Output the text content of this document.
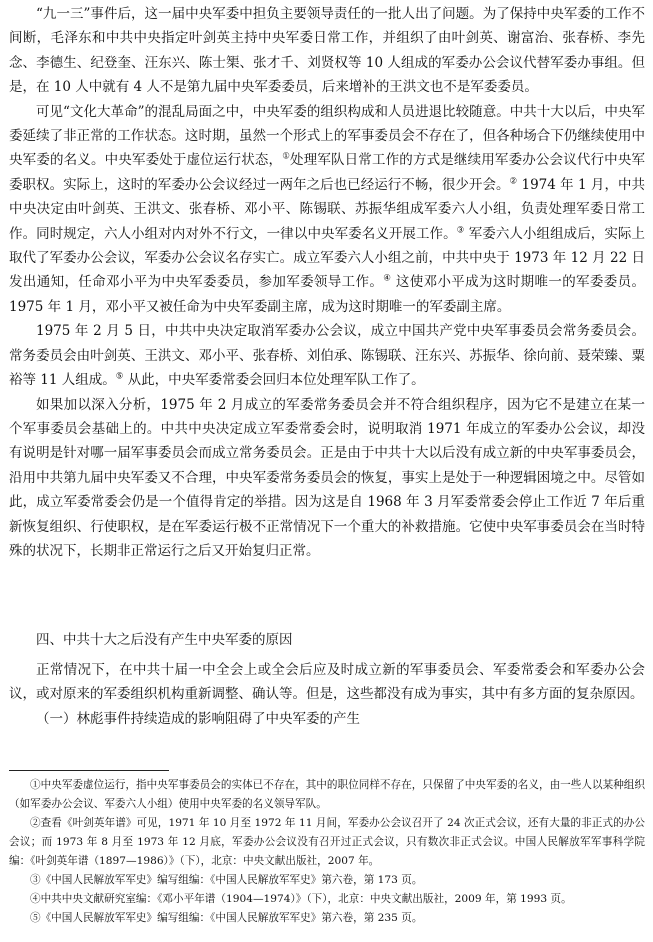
“九一三”事件后，这一届中央军委中担负主要领导责任的一批人出了问题。为了保持中央军委的工作不间断，毛泽东和中共中央指定叶剑英主持中央军委日常工作，并组织了由叶剑英、谢富治、张春桥、李先念、李德生、纪登奎、汪东兴、陈士榘、张才千、刘贤权等 10 人组成的军委办公会议代替军委办事组。但是，在 10 人中就有 4 人不是第九届中央军委委员，后来增补的王洪文也不是军委委员。

可见“文化大革命”的混乱局面之中，中央军委的组织构成和人员进退比较随意。中共十大以后，中央军委延续了非正常的工作状态。这时期，虽然一个形式上的军事委员会不存在了，但各种场合下仍继续使用中央军委的名义。中央军委处于虚位运行状态，①处理军队日常工作的方式是继续用军委办公会议代行中央军委职权。实际上，这时的军委办公会议经过一两年之后也已经运行不畅，很少开会。② 1974 年 1 月，中共中央决定由叶剑英、王洪文、张春桥、邓小平、陈锡联、苏振华组成军委六人小组，负责处理军委日常工作。同时规定，六人小组对内对外不行文，一律以中央军委名义开展工作。③ 军委六人小组组成后，实际上取代了军委办公会议，军委办公会议名存实亡。成立军委六人小组之前，中共中央于 1973 年 12 月 22 日发出通知，任命邓小平为中央军委委员，参加军委领导工作。④ 这使邓小平成为这时期唯一的军委委员。1975 年 1 月，邓小平又被任命为中央军委副主席，成为这时期唯一的军委副主席。

1975 年 2 月 5 日，中共中央决定取消军委办公会议，成立中国共产党中央军事委员会常务委员会。常务委员会由叶剑英、王洪文、邓小平、张春桥、刘伯承、陈锡联、汪东兴、苏振华、徐向前、聂荣臻、粟裕等 11 人组成。⑤ 从此，中央军委常委会回归本位处理军队工作了。

如果加以深入分析，1975 年 2 月成立的军委常务委员会并不符合组织程序，因为它不是建立在某一个军事委员会基础上的。中共中央决定成立军委常委会时，说明取消 1971 年成立的军委办公会议，却没有说明是针对哪一届军事委员会而成立常务委员会。正是由于中共十大以后没有成立新的中央军事委员会，沿用中共第九届中央军委又不合理，中央军委常务委员会的恢复，事实上是处于一种逻辑困境之中。尽管如此，成立军委常委会仍是一个值得肯定的举措。因为这是自 1968 年 3 月军委常委会停止工作近 7 年后重新恢复组织、行使职权，是在军委运行极不正常情况下一个重大的补救措施。它使中央军事委员会在当时特殊的状况下，长期非正常运行之后又开始复归正常。

四、中共十大之后没有产生中央军委的原因

正常情况下，在中共十届一中全会上或全会后应及时成立新的军事委员会、军委常委会和军委办公会议，或对原来的军委组织机构重新调整、确认等。但是，这些都没有成为事实，其中有多方面的复杂原因。

（一）林彪事件持续造成的影响阻碍了中央军委的产生

①中央军委虚位运行，指中央军事委员会的实体已不存在，其中的职位同样不存在，只保留了中央军委的名义，由一些人以某种组织（如军委办公会议、军委六人小组）使用中央军委的名义领导军队。

②查看《叶剑英年谱》可见，1971 年 10 月至 1972 年 11 月间，军委办公会议召开了 24 次正式会议，还有大量的非正式的办公会议；而 1973 年 8 月至 1973 年 12 月底，军委办公会议没有召开过正式会议，只有数次非正式会议。中国人民解放军军事科学院编：《叶剑英年谱（1897—1986）》（下），北京：中央文献出版社，2007 年。

③《中国人民解放军军史》编写组编：《中国人民解放军军史》第六卷，第 173 页。

④中共中央文献研究室编：《邓小平年谱（1904—1974）》（下），北京：中央文献出版社，2009 年，第 1993 页。

⑤《中国人民解放军军史》编写组编：《中国人民解放军军史》第六卷，第 235 页。
